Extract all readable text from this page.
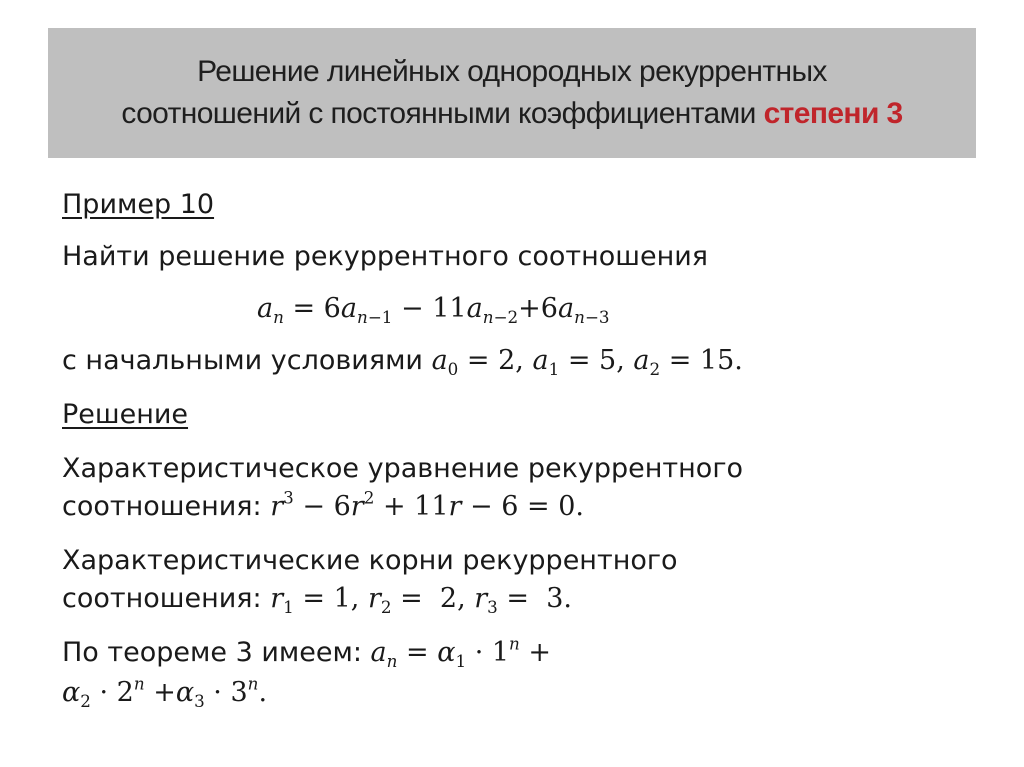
Решение линейных однородных рекуррентных
соотношений с постоянными коэффициентами степени 3
Пример 10
Найти решение рекуррентного соотношения
$a_n = 6a_{n-1} - 11a_{n-2}+6a_{n-3}$
с начальными условиями $a_0 = 2$, $a_1 = 5$, $a_2 = 15$.
Решение
Характеристическое уравнение рекуррентного
соотношения: $r^3 - 6r^2 + 11r - 6 = 0$.
Характеристические корни рекуррентного
соотношения: $r_1 = 1$, $r_2 = 2$, $r_3 = 3$.
По теореме 3 имеем: $a_n = \alpha_1 \cdot 1^n$ +
$\alpha_2 \cdot 2^n +\alpha_3 \cdot 3^n$.
